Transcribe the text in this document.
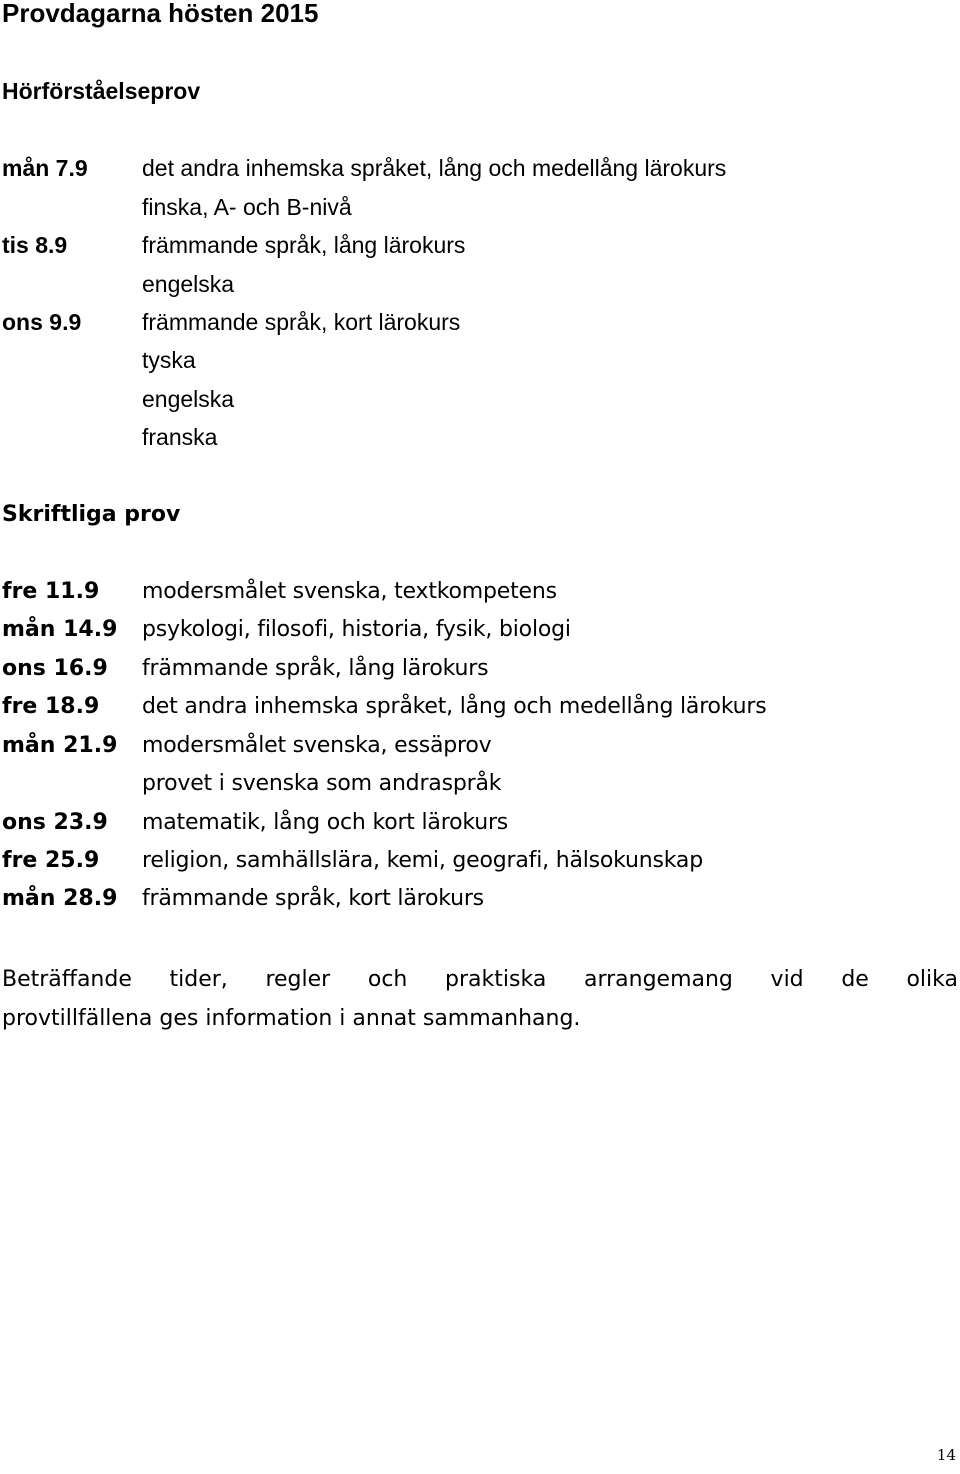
Provdagarna hösten 2015
Hörförståelseprov
mån 7.9 det andra inhemska språket, lång och medellång lärokurs
finska, A- och B-nivå
tis 8.9	främmande språk, lång lärokurs
engelska
ons 9.9	främmande språk, kort lärokurs
tyska
engelska
franska
Skriftliga prov
fre 11.9 modersmålet svenska, textkompetens
mån 14.9 psykologi, filosofi, historia, fysik, biologi
ons 16.9 främmande språk, lång lärokurs
fre 18.9 det andra inhemska språket, lång och medellång lärokurs
mån 21.9 modersmålet svenska, essäprov
provet i svenska som andraspråk
ons 23.9 matematik, lång och kort lärokurs
fre 25.9 religion, samhällslära, kemi, geografi, hälsokunskap
mån 28.9 främmande språk, kort lärokurs
Beträffande tider, regler och praktiska arrangemang vid de olika
provtillfällena ges information i annat sammanhang.
14
